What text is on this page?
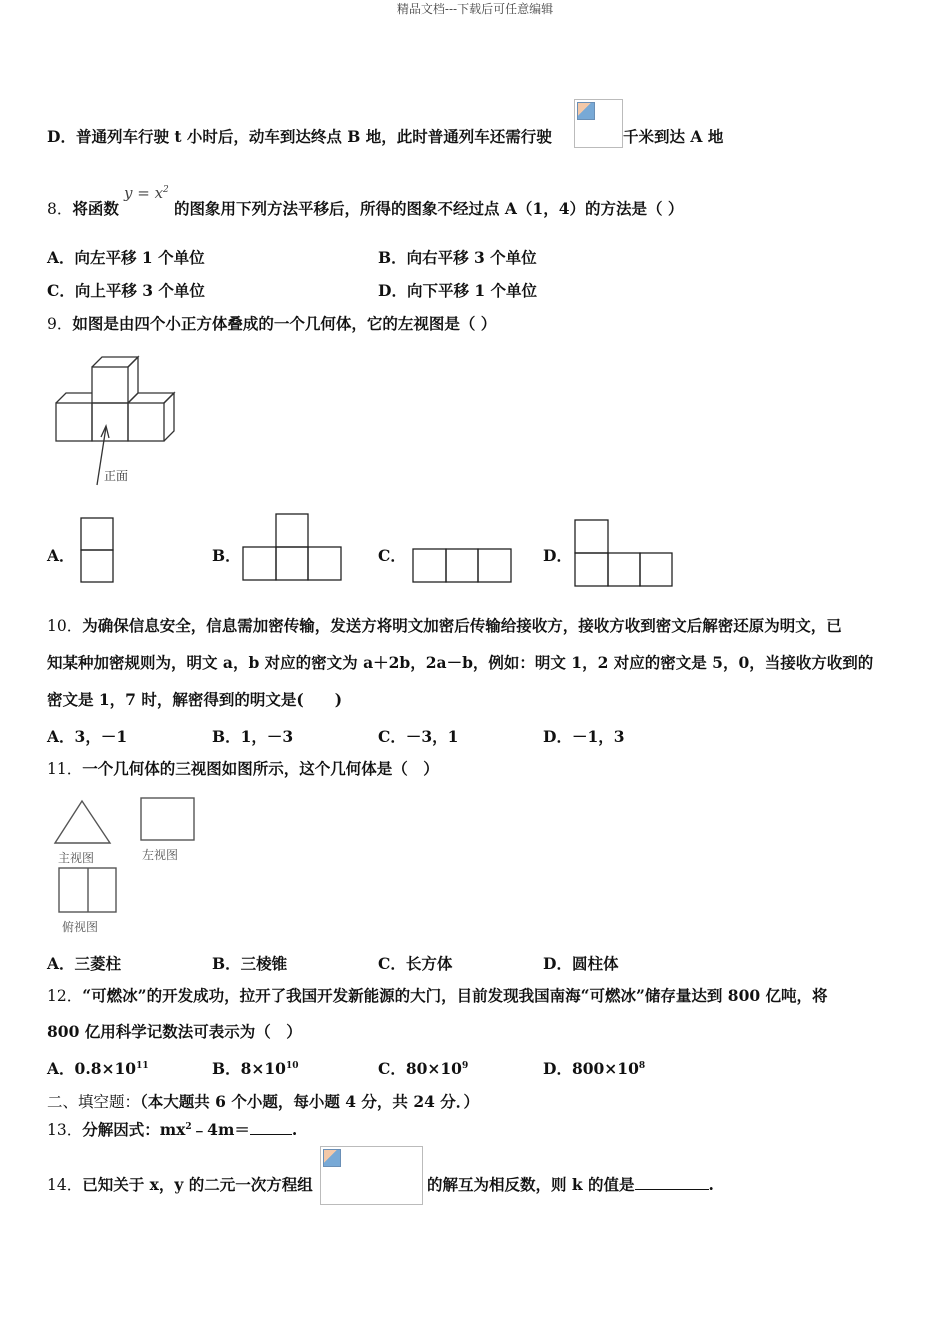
精品文档---下载后可任意编辑
D．普通列车行驶 t 小时后，动车到达终点 B 地，此时普通列车还需行驶	千米到达 A 地
8．将函数
$y = x^2$
的图象用下列方法平移后，所得的图象不经过点 A（1，4）的方法是（ ）
A．向左平移 1 个单位	B．向右平移 3 个单位
C．向上平移 3 个单位	D．向下平移 1 个单位
9．如图是由四个小正方体叠成的一个几何体，它的左视图是（ ）
正面
A．	B．	C．	D．
10．为确保信息安全，信息需加密传输，发送方将明文加密后传输给接收方，接收方收到密文后解密还原为明文，已
知某种加密规则为，明文 a，b 对应的密文为 a＋2b，2a－b，例如：明文 1，2 对应的密文是 5，0，当接收方收到的
密文是 1，7 时，解密得到的明文是(　　)
A．3，－1	B．1，－3	C．－3，1	D．－1，3
11．一个几何体的三视图如图所示，这个几何体是（　）
主视图	左视图
俯视图
A．三菱柱	B．三棱锥	C．长方体	D．圆柱体
12．“可燃冰”的开发成功，拉开了我国开发新能源的大门，目前发现我国南海“可燃冰”储存量达到 800 亿吨，将
800 亿用科学记数法可表示为（　）
A．$0.8\times 10^{11}$	B．$8\times 10^{10}$	C．$80\times 10^9$	D．$800\times 10^8$
二、填空题：（本大题共 6 个小题，每小题 4 分，共 24 分．）
13．分解因式：$mx^2﹣4m=$	.
14．已知关于 x，y 的二元一次方程组	的解互为相反数，则 k 的值是	.
